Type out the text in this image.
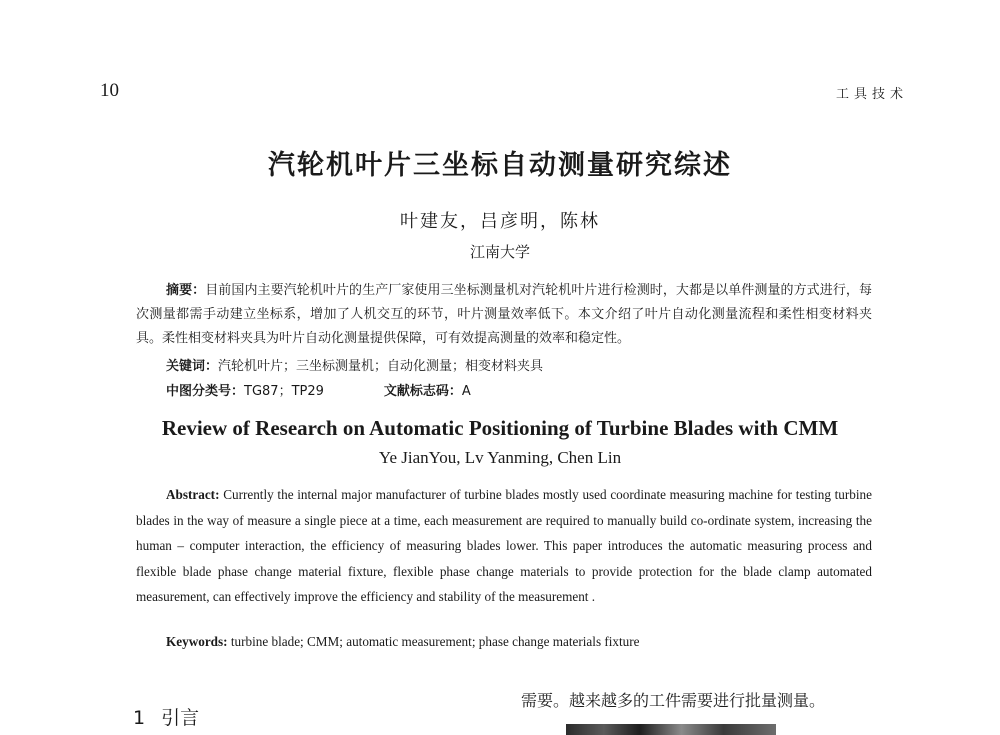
10	工具技术
汽轮机叶片三坐标自动测量研究综述
叶建友，吕彦明，陈林
江南大学
摘要：目前国内主要汽轮机叶片的生产厂家使用三坐标测量机对汽轮机叶片进行检测时，大都是以单件测量的方式进行，每次测量都需手动建立坐标系，增加了人机交互的环节，叶片测量效率低下。本文介绍了叶片自动化测量流程和柔性相变材料夹具。柔性相变材料夹具为叶片自动化测量提供保障，可有效提高测量的效率和稳定性。
关键词：汽轮机叶片；三坐标测量机；自动化测量；相变材料夹具
中图分类号：TG87；TP29	文献标志码：A
Review of Research on Automatic Positioning of Turbine Blades with CMM
Ye JianYou, Lv Yanming, Chen Lin
Abstract: Currently the internal major manufacturer of turbine blades mostly used coordinate measuring machine for testing turbine blades in the way of measure a single piece at a time, each measurement are required to manually build co-ordinate system, increasing the human – computer interaction, the efficiency of measuring blades lower. This paper introduces the automatic measuring process and flexible blade phase change material fixture, flexible phase change materials to provide protection for the blade clamp automated measurement, can effectively improve the efficiency and stability of the measurement .
Keywords: turbine blade; CMM; automatic measurement; phase change materials fixture
1 引言
需要。越来越多的工件需要进行批量测量。
